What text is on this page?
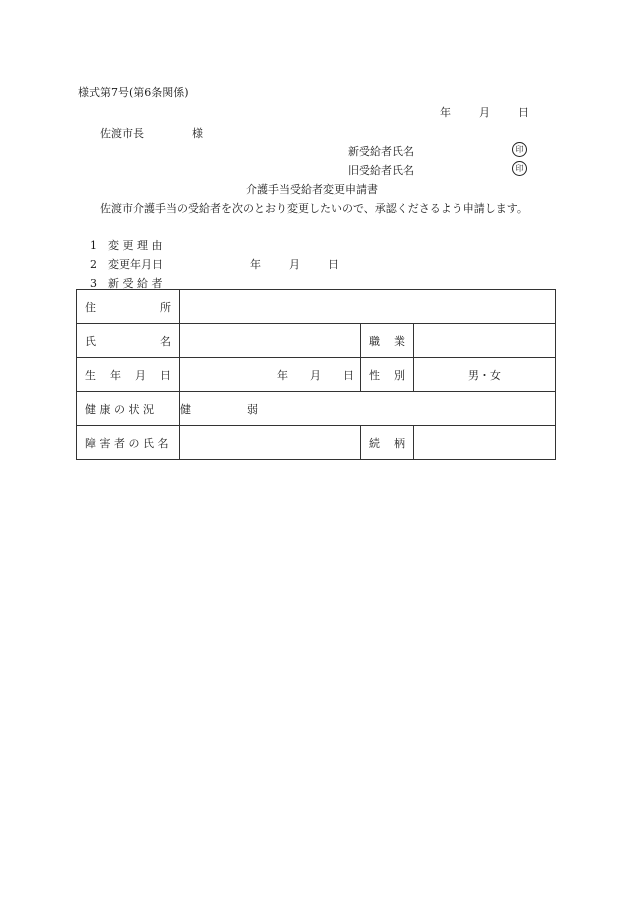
様式第7号(第6条関係)
年	月	日
佐渡市長	様
新受給者氏名	印
旧受給者氏名	印
介護手当受給者変更申請書
佐渡市介護手当の受給者を次のとおり変更したいので、承認くださるよう申請します。
1 変 更 理 由
2 変更年月日	年	月	日
3 新 受 給 者
住 所			

氏 名		職 業	

生 年 月 日	年 月 日	性 別	男・女

健 康 の 状 況	健 弱		

障 害 者 の 氏 名		続 柄	
